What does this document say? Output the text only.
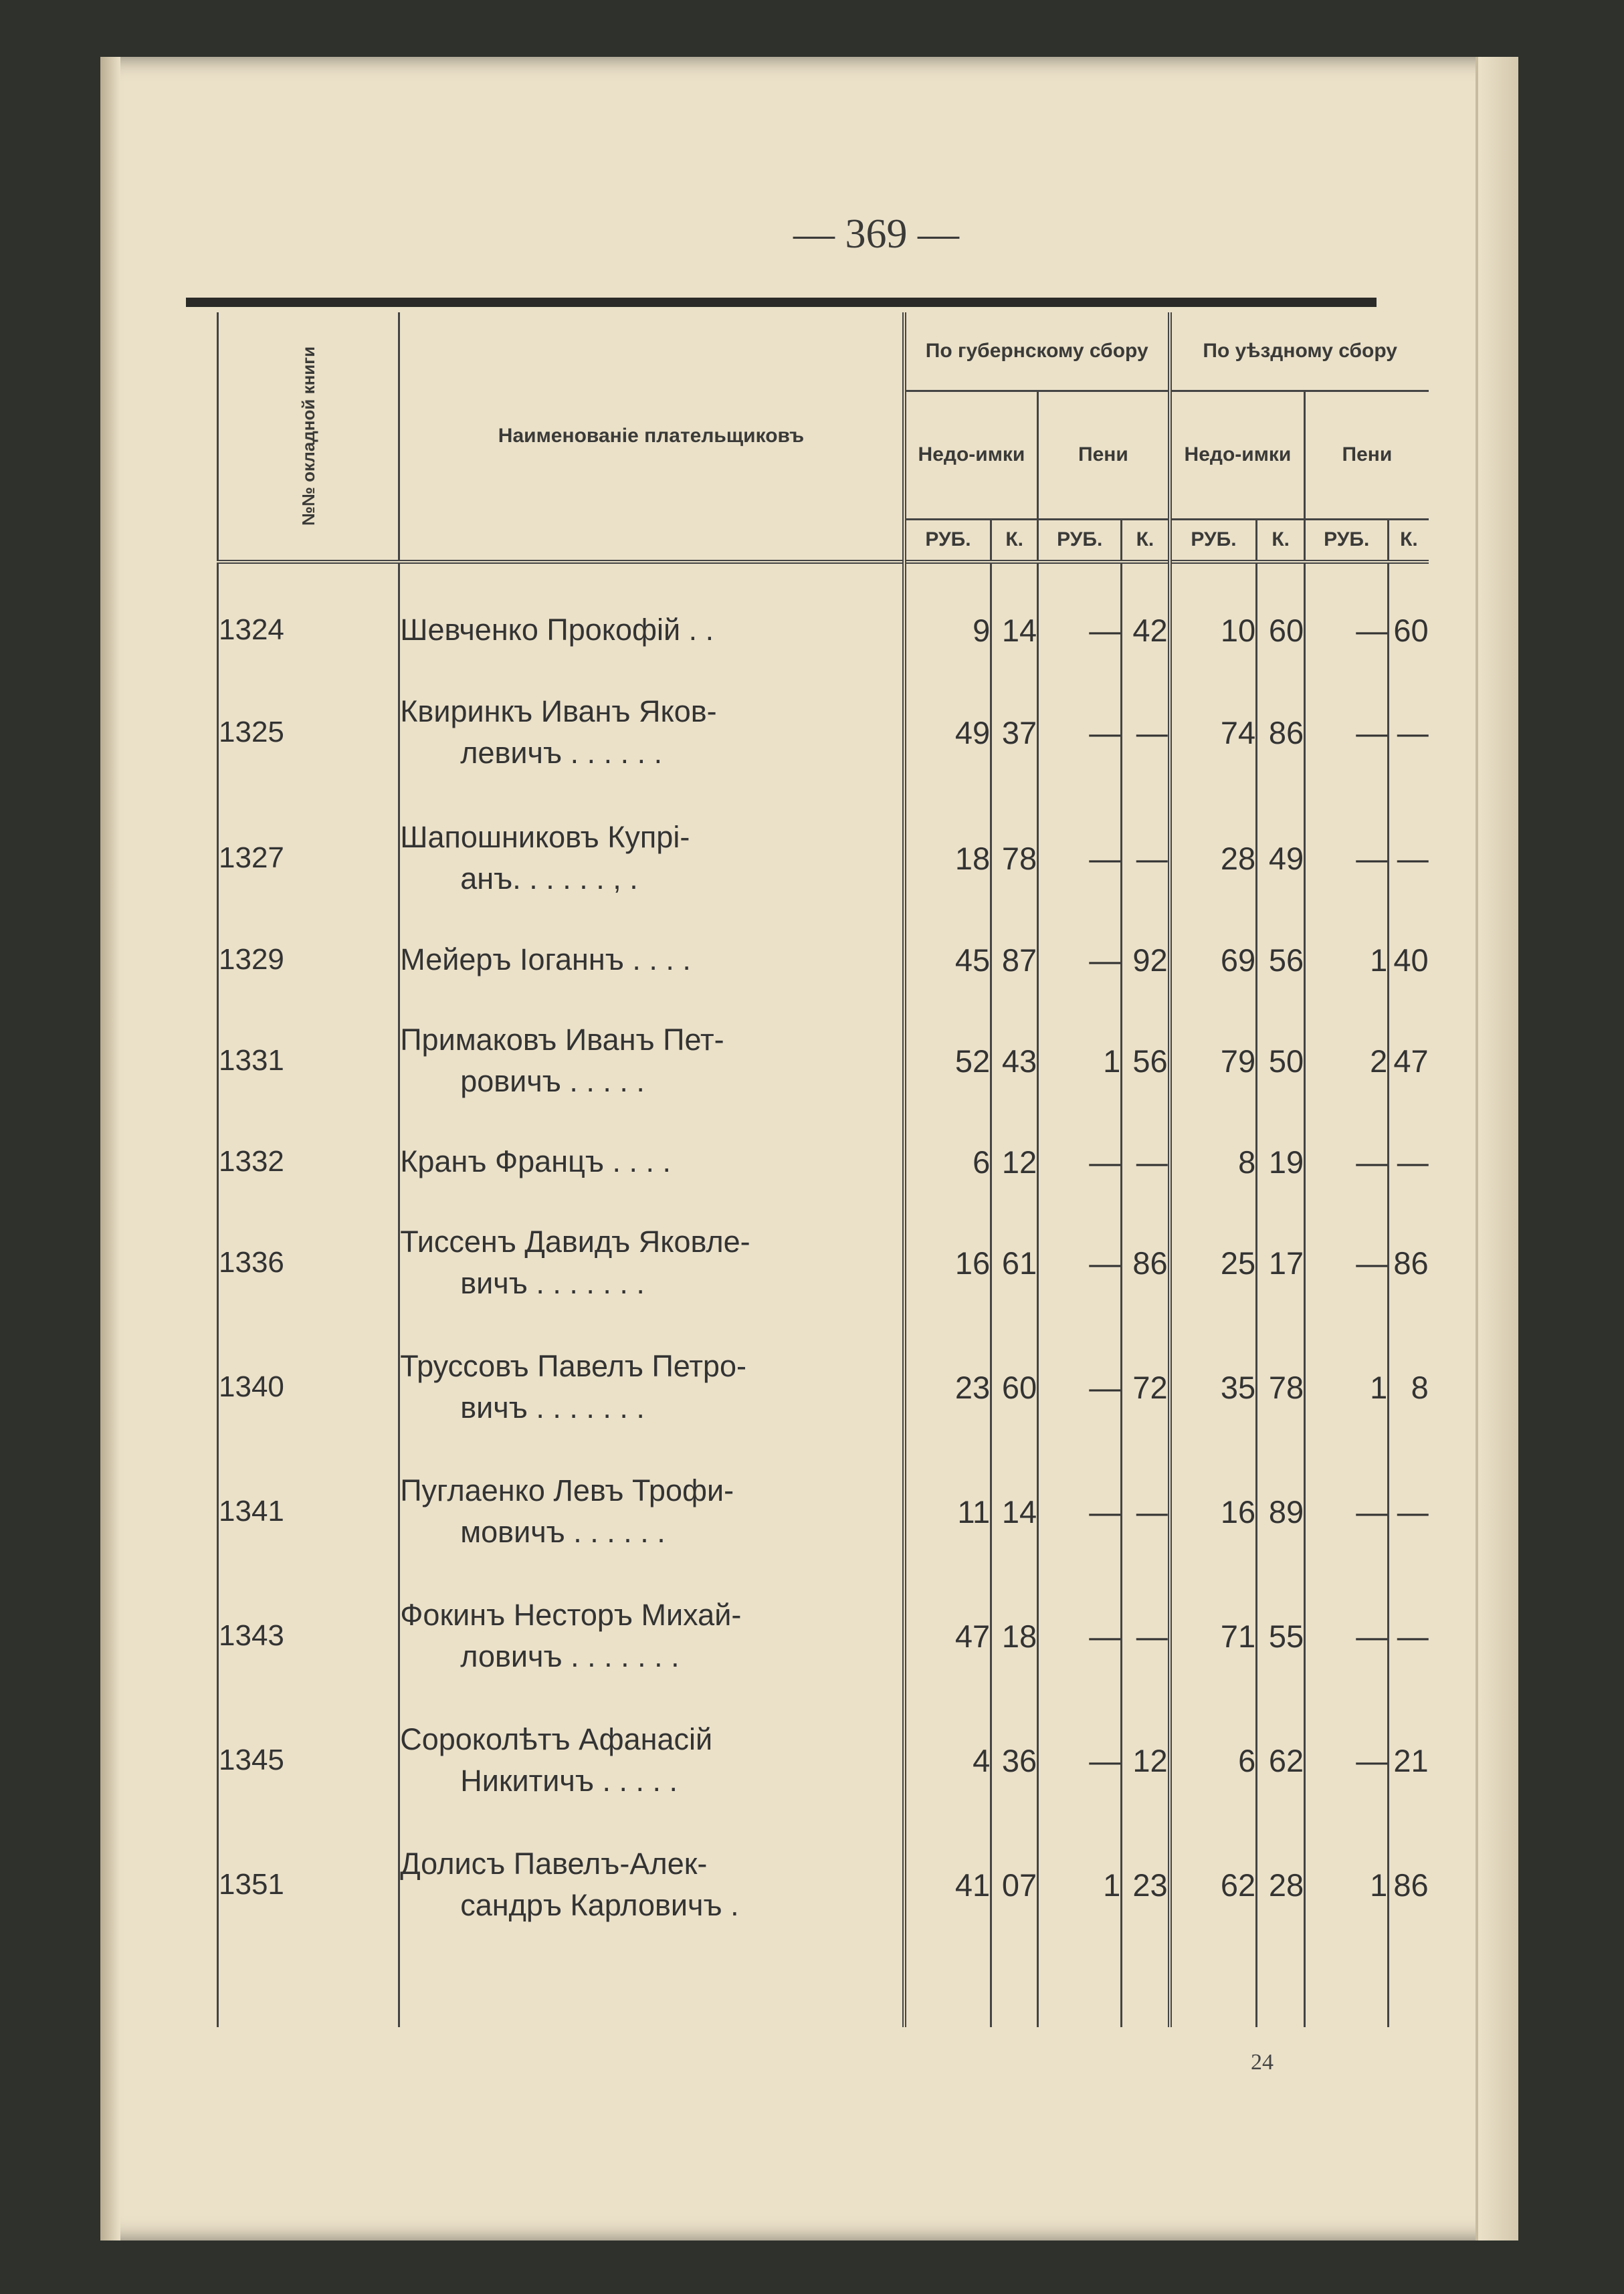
— 369 —
№№ окладной книги	Наименованіе плательщиковъ	По губернскому сбору				По уѣздному сбору			
		Недо-имки		Пени		Недо-имки		Пени	
		РУБ.	К.	РУБ.	К.	РУБ.	К.	РУБ.	К.

1324	Шевченко Прокофій . .	9	14	—	42	10	60	—	60
1325	Квиринкъ Иванъ Яков-
левичъ . . . . . .	49	37	—	—	74	86	—	—
1327	Шапошниковъ Купрі-
анъ. . . . . . , .	18	78	—	—	28	49	—	—
1329	Мейеръ Іоганнъ . . . .	45	87	—	92	69	56	1	40
1331	Примаковъ Иванъ Пет-
ровичъ . . . . .	52	43	1	56	79	50	2	47
1332	Кранъ Францъ . . . .	6	12	—	—	8	19	—	—
1336	Тиссенъ Давидъ Яковле-
вичъ . . . . . . .	16	61	—	86	25	17	—	86
1340	Труссовъ Павелъ Петро-
вичъ . . . . . . .	23	60	—	72	35	78	1	8
1341	Пуглаенко Левъ Трофи-
мовичъ . . . . . .	11	14	—	—	16	89	—	—
1343	Фокинъ Несторъ Михай-
ловичъ . . . . . . .	47	18	—	—	71	55	—	—
1345	Сороколѣтъ Афанасій
Никитичъ . . . . .	4	36	—	12	6	62	—	21
1351	Долисъ Павелъ-Алек-
сандръ Карловичъ .	41	07	1	23	62	28	1	86

24
